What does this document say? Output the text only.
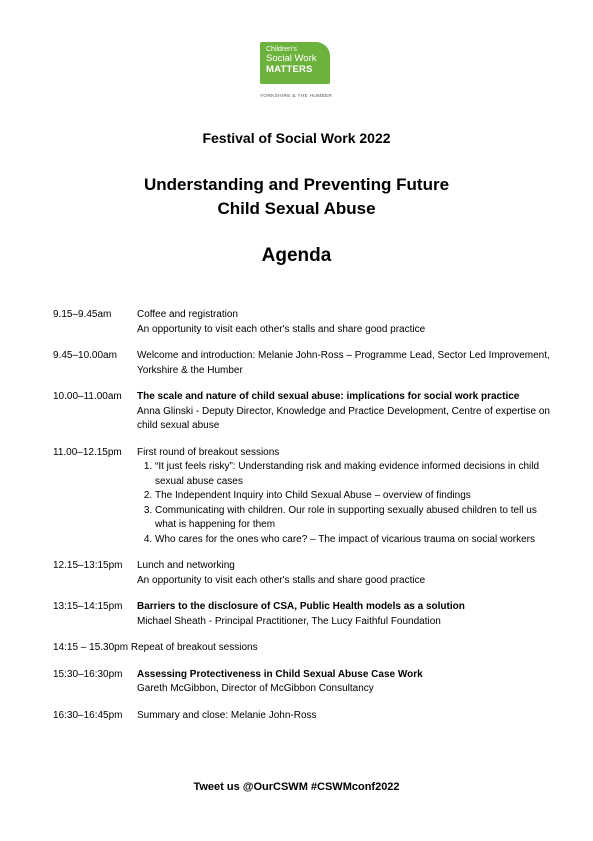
Children's
Social Work
MATTERS
YORKSHIRE & THE HUMBER
Festival of Social Work 2022
Understanding and Preventing Future
Child Sexual Abuse
Agenda
9.15–9.45am	Coffee and registration
An opportunity to visit each other's stalls and share good practice
9.45–10.00am	Welcome and introduction: Melanie John-Ross – Programme Lead, Sector Led Improvement, Yorkshire & the Humber
10.00–11.00am	The scale and nature of child sexual abuse: implications for social work practice
Anna Glinski - Deputy Director, Knowledge and Practice Development, Centre of expertise on child sexual abuse
11.00–12.15pm	First round of breakout sessions
1. “It just feels risky”: Understanding risk and making evidence informed decisions in child sexual abuse cases
2. The Independent Inquiry into Child Sexual Abuse – overview of findings
3. Communicating with children. Our role in supporting sexually abused children to tell us what is happening for them
4. Who cares for the ones who care? – The impact of vicarious trauma on social workers
12.15–13:15pm	Lunch and networking
An opportunity to visit each other's stalls and share good practice
13:15–14:15pm	Barriers to the disclosure of CSA, Public Health models as a solution
Michael Sheath - Principal Practitioner, The Lucy Faithful Foundation
14:15 – 15.30pm Repeat of breakout sessions
15:30–16:30pm	Assessing Protectiveness in Child Sexual Abuse Case Work
Gareth McGibbon, Director of McGibbon Consultancy
16:30–16:45pm	Summary and close: Melanie John-Ross
Tweet us @OurCSWM #CSWMconf2022
